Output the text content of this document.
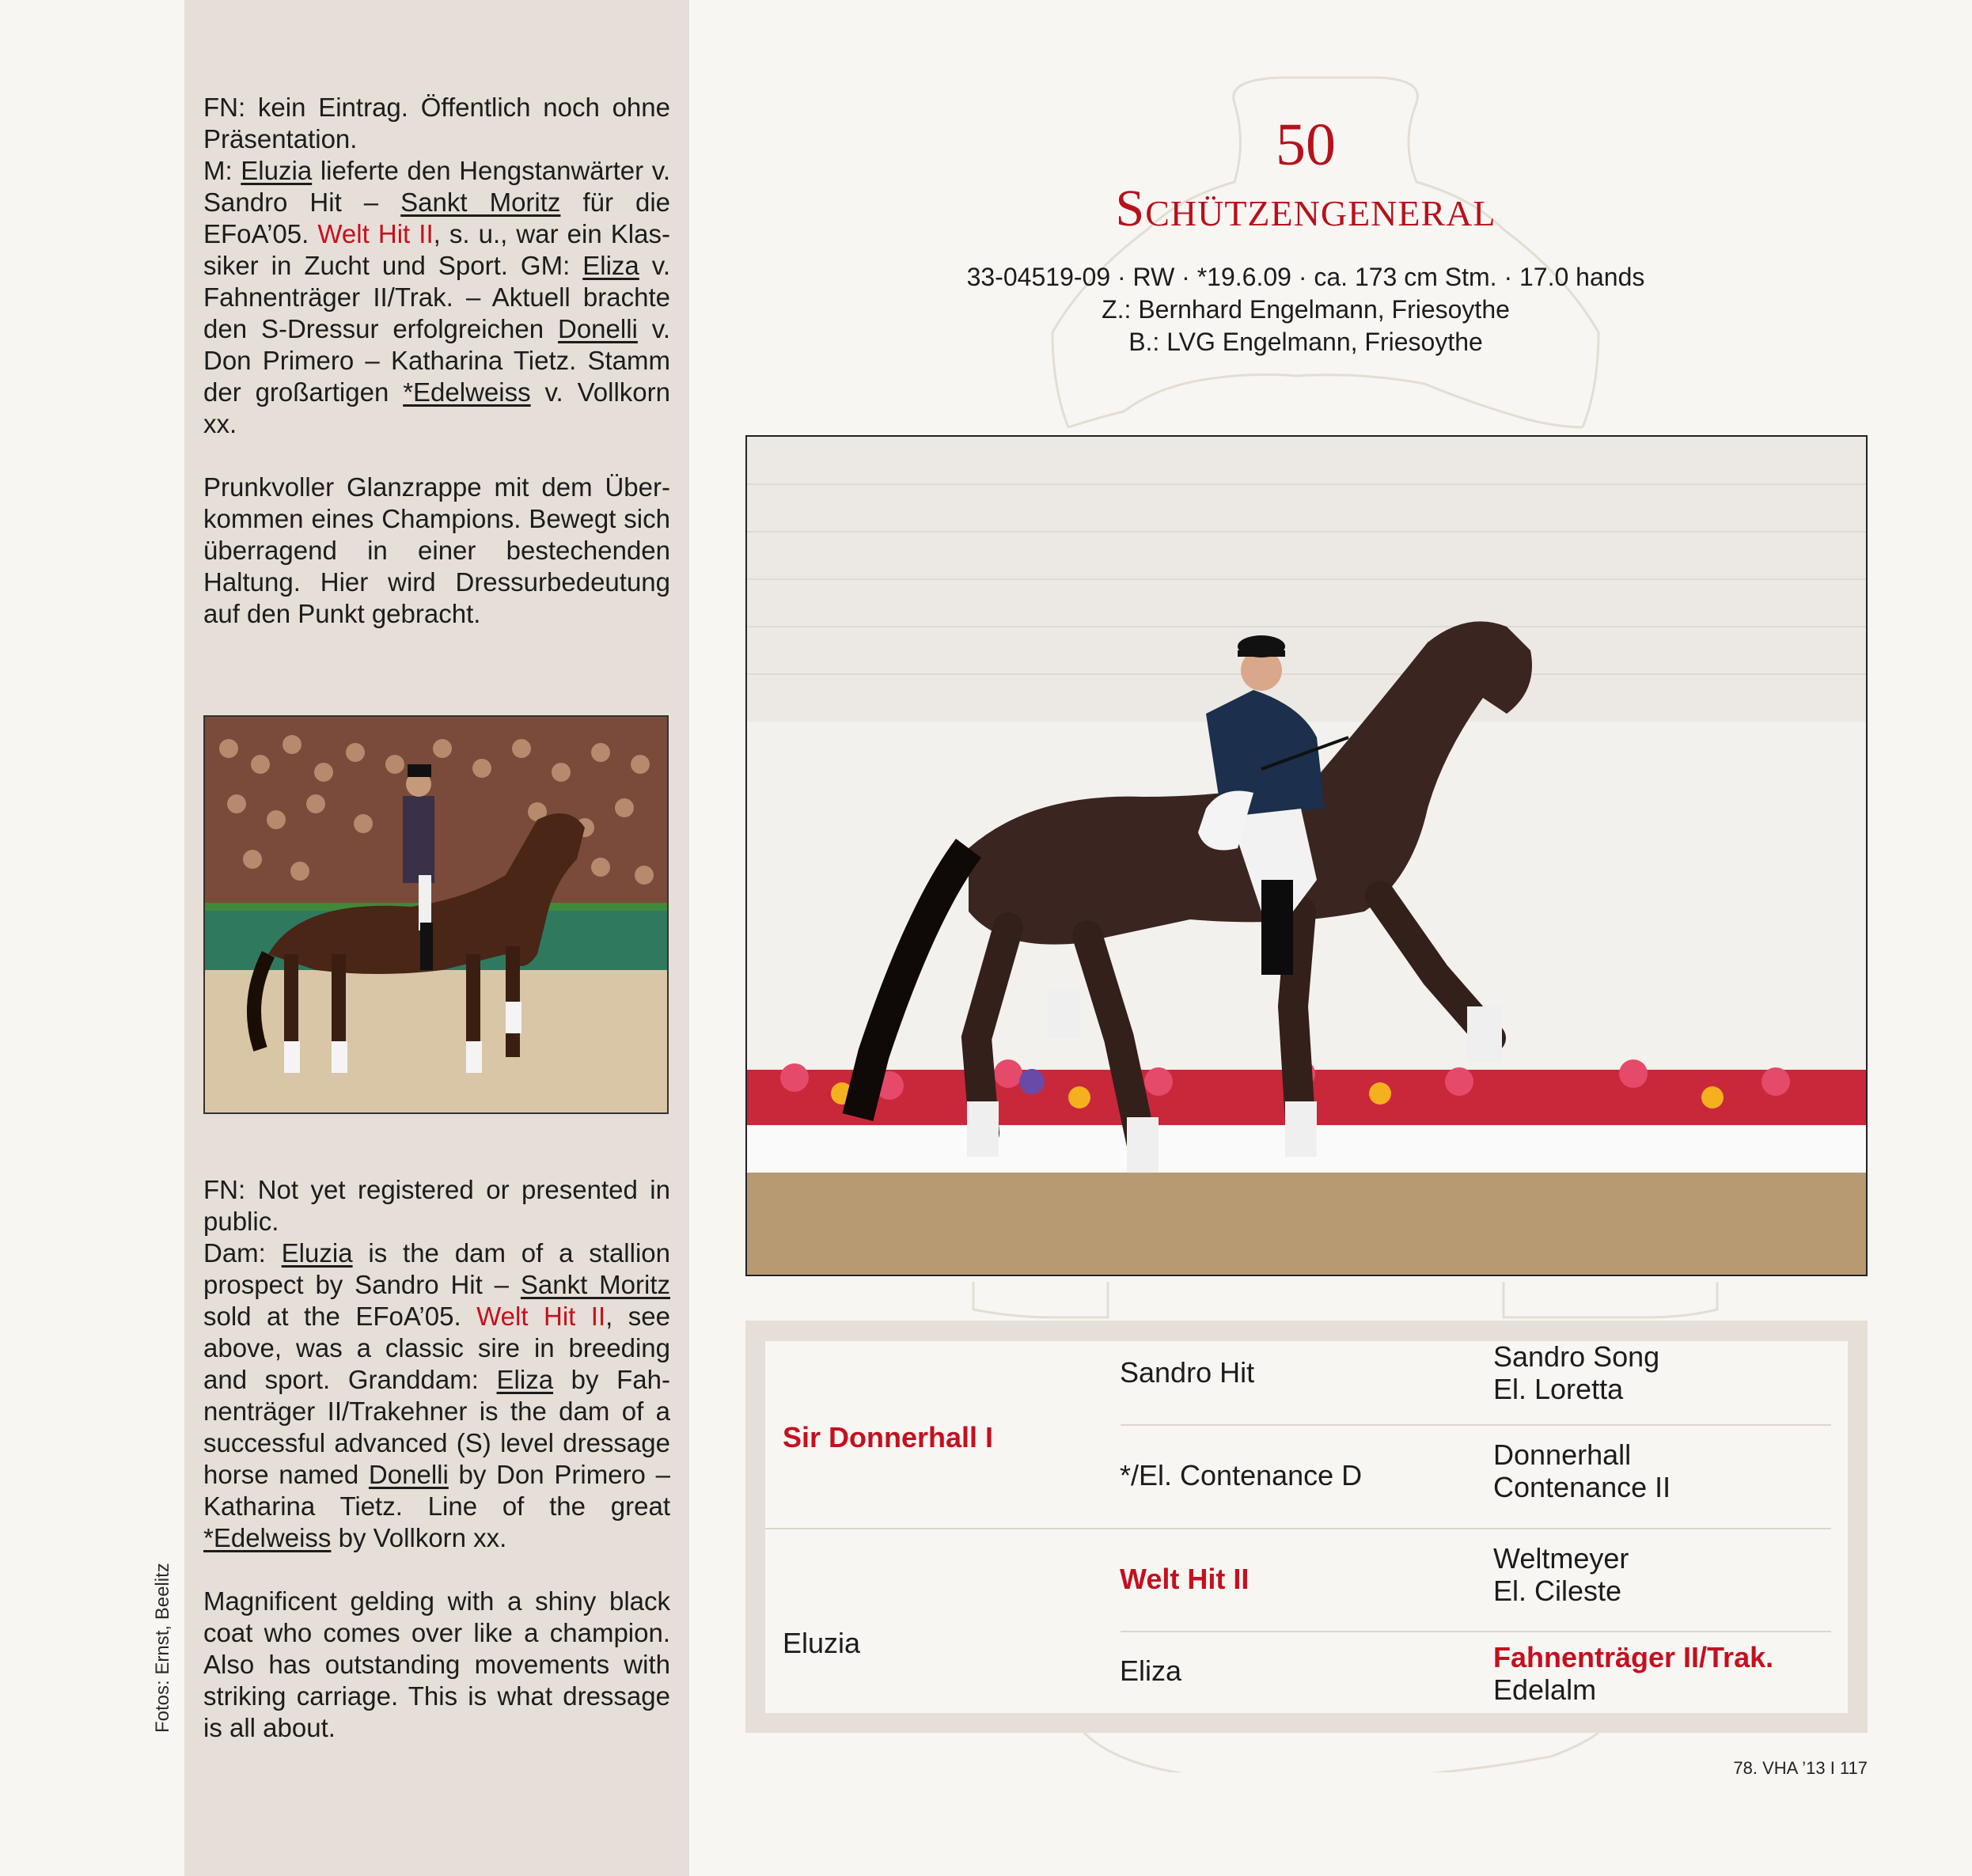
FN: kein Eintrag. Öffentlich noch ohne Präsentation.
M: Eluzia lieferte den Hengstanwärter v. Sandro Hit – Sankt Moritz für die EFoA’05. Welt Hit II, s. u., war ein Klassiker in Zucht und Sport. GM: Eliza v. Fahnenträger II/Trak. – Aktuell brachte den S-Dressur erfolgreichen Donelli v. Don Primero – Katharina Tietz. Stamm der großartigen *Edelweiss v. Vollkorn xx.

Prunkvoller Glanzrappe mit dem Überkommen eines Champions. Bewegt sich überragend in einer bestechenden Haltung. Hier wird Dressurbedeutung auf den Punkt gebracht.

FN: Not yet registered or presented in public.
Dam: Eluzia is the dam of a stallion prospect by Sandro Hit – Sankt Moritz sold at the EFoA’05. Welt Hit II, see above, was a classic sire in breeding and sport. Granddam: Eliza by Fahnenträger II/Trakehner is the dam of a successful advanced (S) level dressage horse named Donelli by Don Primero – Katharina Tietz. Line of the great *Edelweiss by Vollkorn xx.

Magnificent gelding with a shiny black coat who comes over like a champion. Also has outstanding movements with striking carriage. This is what dressage is all about.

Fotos: Ernst, Beelitz
50
Schützengeneral
33-04519-09 · RW · *19.6.09 · ca. 173 cm Stm. · 17.0 hands
Z.: Bernhard Engelmann, Friesoythe
B.: LVG Engelmann, Friesoythe
Sir Donnerhall I
Eluzia
Sandro Hit
*/El. Contenance D
Welt Hit II
Eliza
Sandro Song
El. Loretta
Donnerhall
Contenance II
Weltmeyer
El. Cileste
Fahnenträger II/Trak.
Edelalm
78. VHA ’13 I 117
